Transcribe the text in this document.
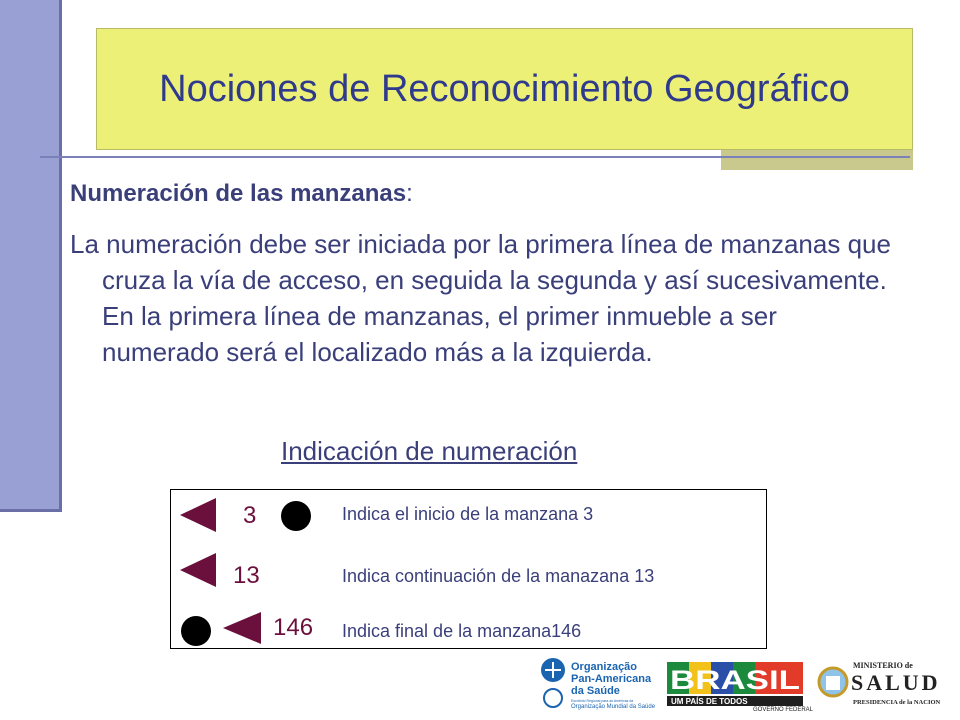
Nociones de Reconocimiento Geográfico
Numeración de las manzanas:
La numeración debe ser iniciada por la primera línea de manzanas que cruza la vía de acceso, en seguida la segunda y así sucesivamente. En la primera línea de manzanas, el primer inmueble a ser numerado será el localizado más a la izquierda.
Indicación de numeración
3	Indica el inicio de la manzana 3
13	Indica continuación de la manazana 13
146 Indica final de la manzana146
Organização
Pan-Americana
da Saúde
Escritório Regional para as Américas da
Organização Mundial da Saúde
BRASIL
UM PAÍS DE TODOS
GOVERNO FEDERAL
MINISTERIO de
SALUD
PRESIDENCIA de la NACION
